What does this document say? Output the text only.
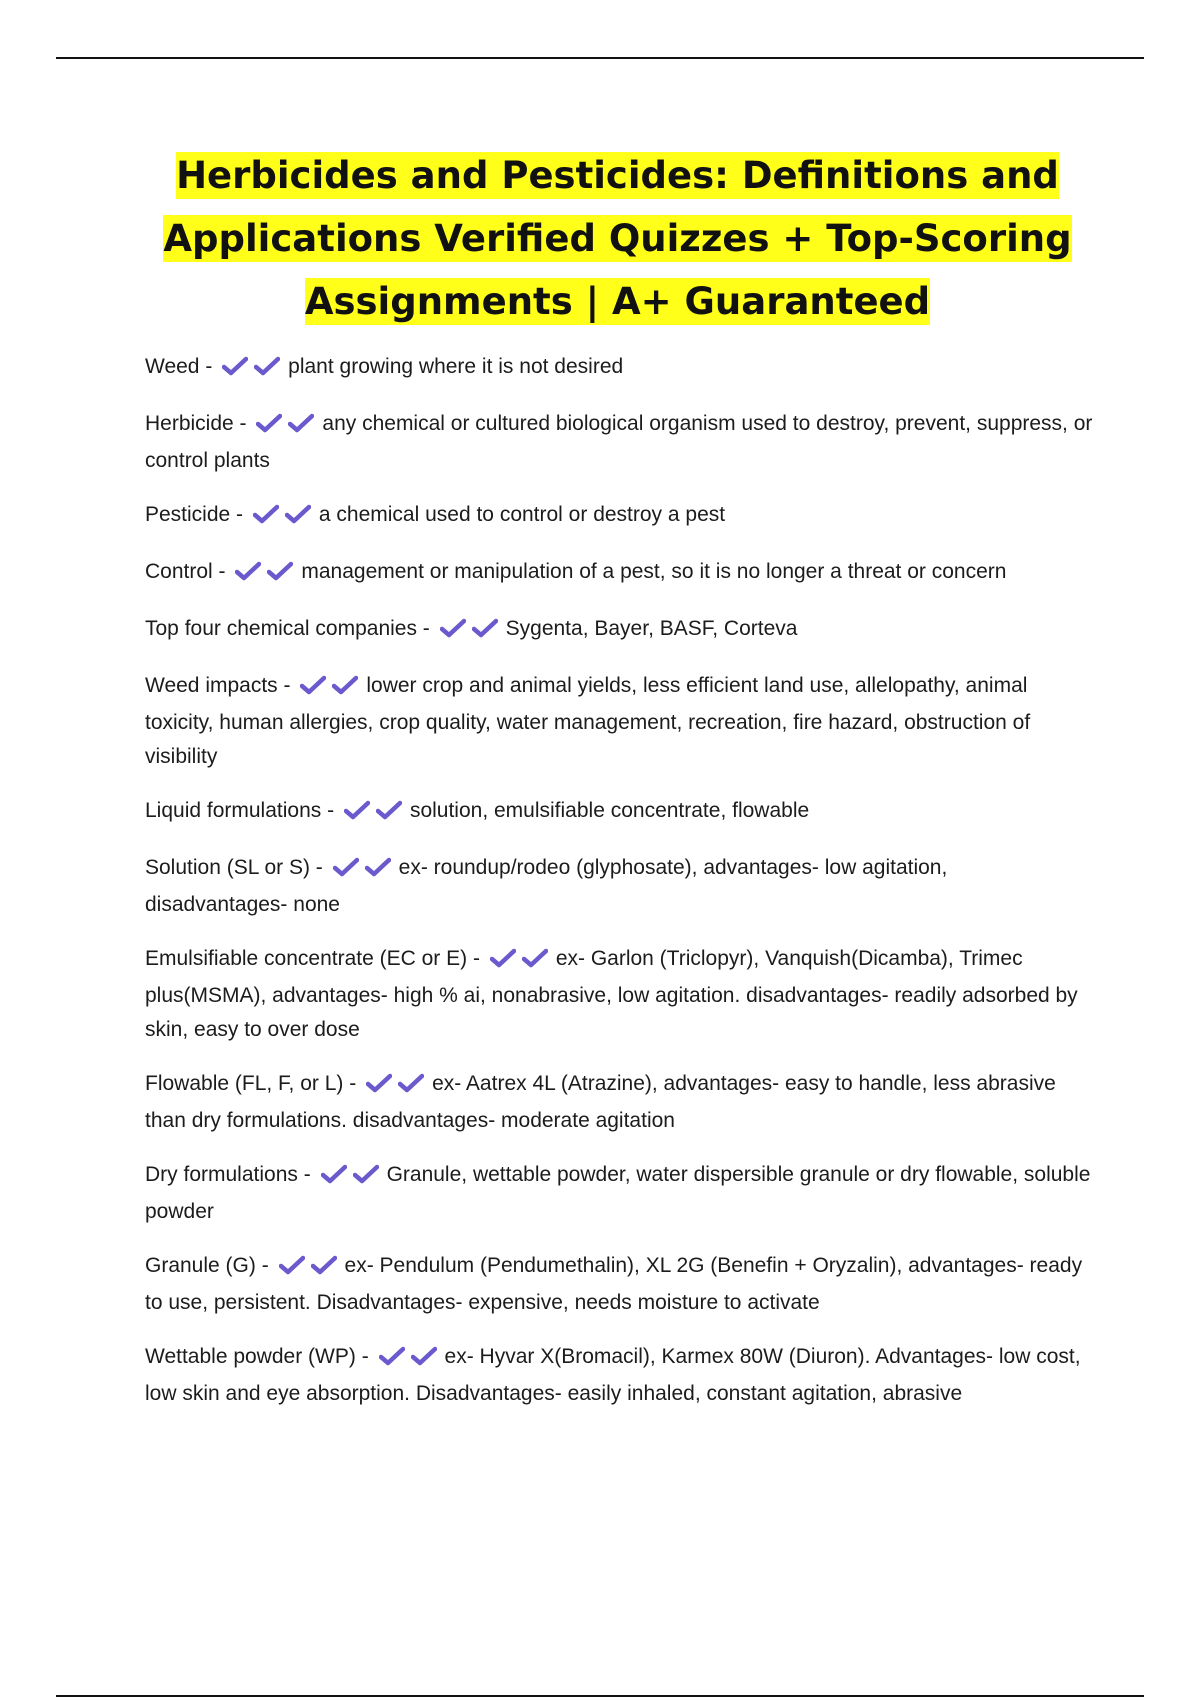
Herbicides and Pesticides: Definitions and Applications Verified Quizzes + Top-Scoring Assignments | A+ Guaranteed
Weed -	plant growing where it is not desired
Herbicide -	any chemical or cultured biological organism used to destroy, prevent, suppress, or control plants
Pesticide -	a chemical used to control or destroy a pest
Control -	management or manipulation of a pest, so it is no longer a threat or concern
Top four chemical companies -	Sygenta, Bayer, BASF, Corteva
Weed impacts -	lower crop and animal yields, less efficient land use, allelopathy, animal toxicity, human allergies, crop quality, water management, recreation, fire hazard, obstruction of visibility
Liquid formulations -	solution, emulsifiable concentrate, flowable
Solution (SL or S) -	ex- roundup/rodeo (glyphosate), advantages- low agitation, disadvantages- none
Emulsifiable concentrate (EC or E) -	ex- Garlon (Triclopyr), Vanquish(Dicamba), Trimec plus(MSMA), advantages- high % ai, nonabrasive, low agitation. disadvantages- readily adsorbed by skin, easy to over dose
Flowable (FL, F, or L) -	ex- Aatrex 4L (Atrazine), advantages- easy to handle, less abrasive than dry formulations. disadvantages- moderate agitation
Dry formulations -	Granule, wettable powder, water dispersible granule or dry flowable, soluble powder
Granule (G) -	ex- Pendulum (Pendumethalin), XL 2G (Benefin + Oryzalin), advantages- ready to use, persistent. Disadvantages- expensive, needs moisture to activate
Wettable powder (WP) -	ex- Hyvar X(Bromacil), Karmex 80W (Diuron). Advantages- low cost, low skin and eye absorption. Disadvantages- easily inhaled, constant agitation, abrasive
